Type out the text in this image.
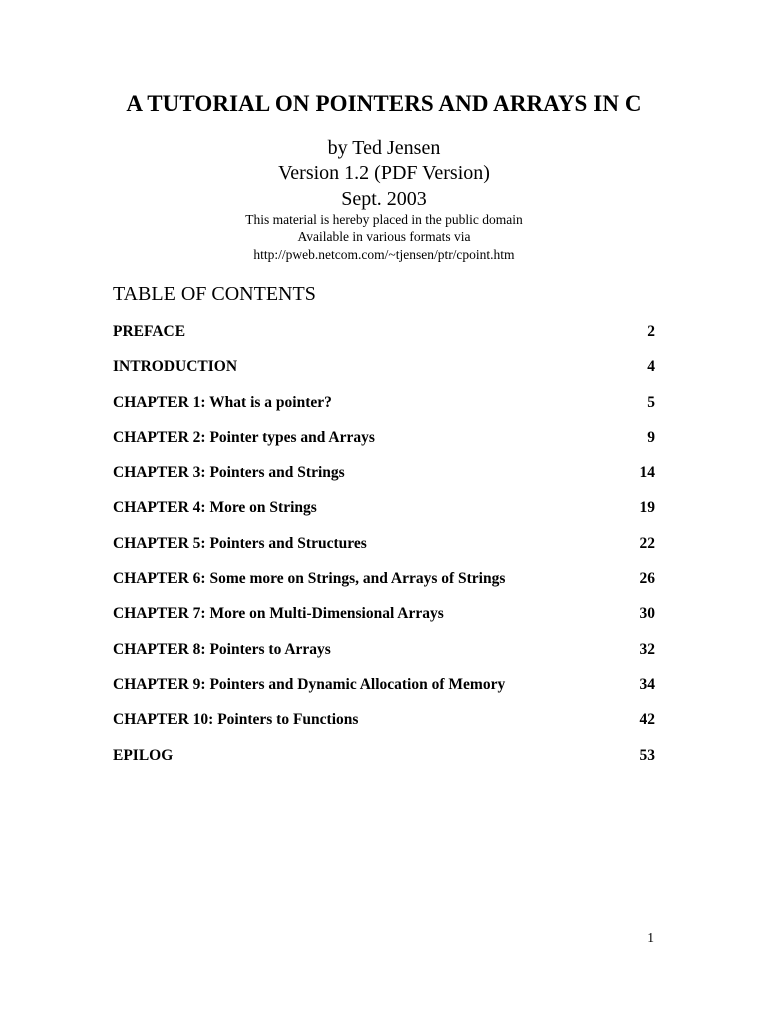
A TUTORIAL ON POINTERS AND ARRAYS IN C
by Ted Jensen
Version 1.2 (PDF Version)
Sept. 2003
This material is hereby placed in the public domain
Available in various formats via
http://pweb.netcom.com/~tjensen/ptr/cpoint.htm
TABLE OF CONTENTS
PREFACE	2
INTRODUCTION	4
CHAPTER 1: What is a pointer?	5
CHAPTER 2: Pointer types and Arrays	9
CHAPTER 3: Pointers and Strings	14
CHAPTER 4: More on Strings	19
CHAPTER 5: Pointers and Structures	22
CHAPTER 6: Some more on Strings, and Arrays of Strings	26
CHAPTER 7: More on Multi-Dimensional Arrays	30
CHAPTER 8: Pointers to Arrays	32
CHAPTER 9: Pointers and Dynamic Allocation of Memory	34
CHAPTER 10: Pointers to Functions	42
EPILOG	53
1
